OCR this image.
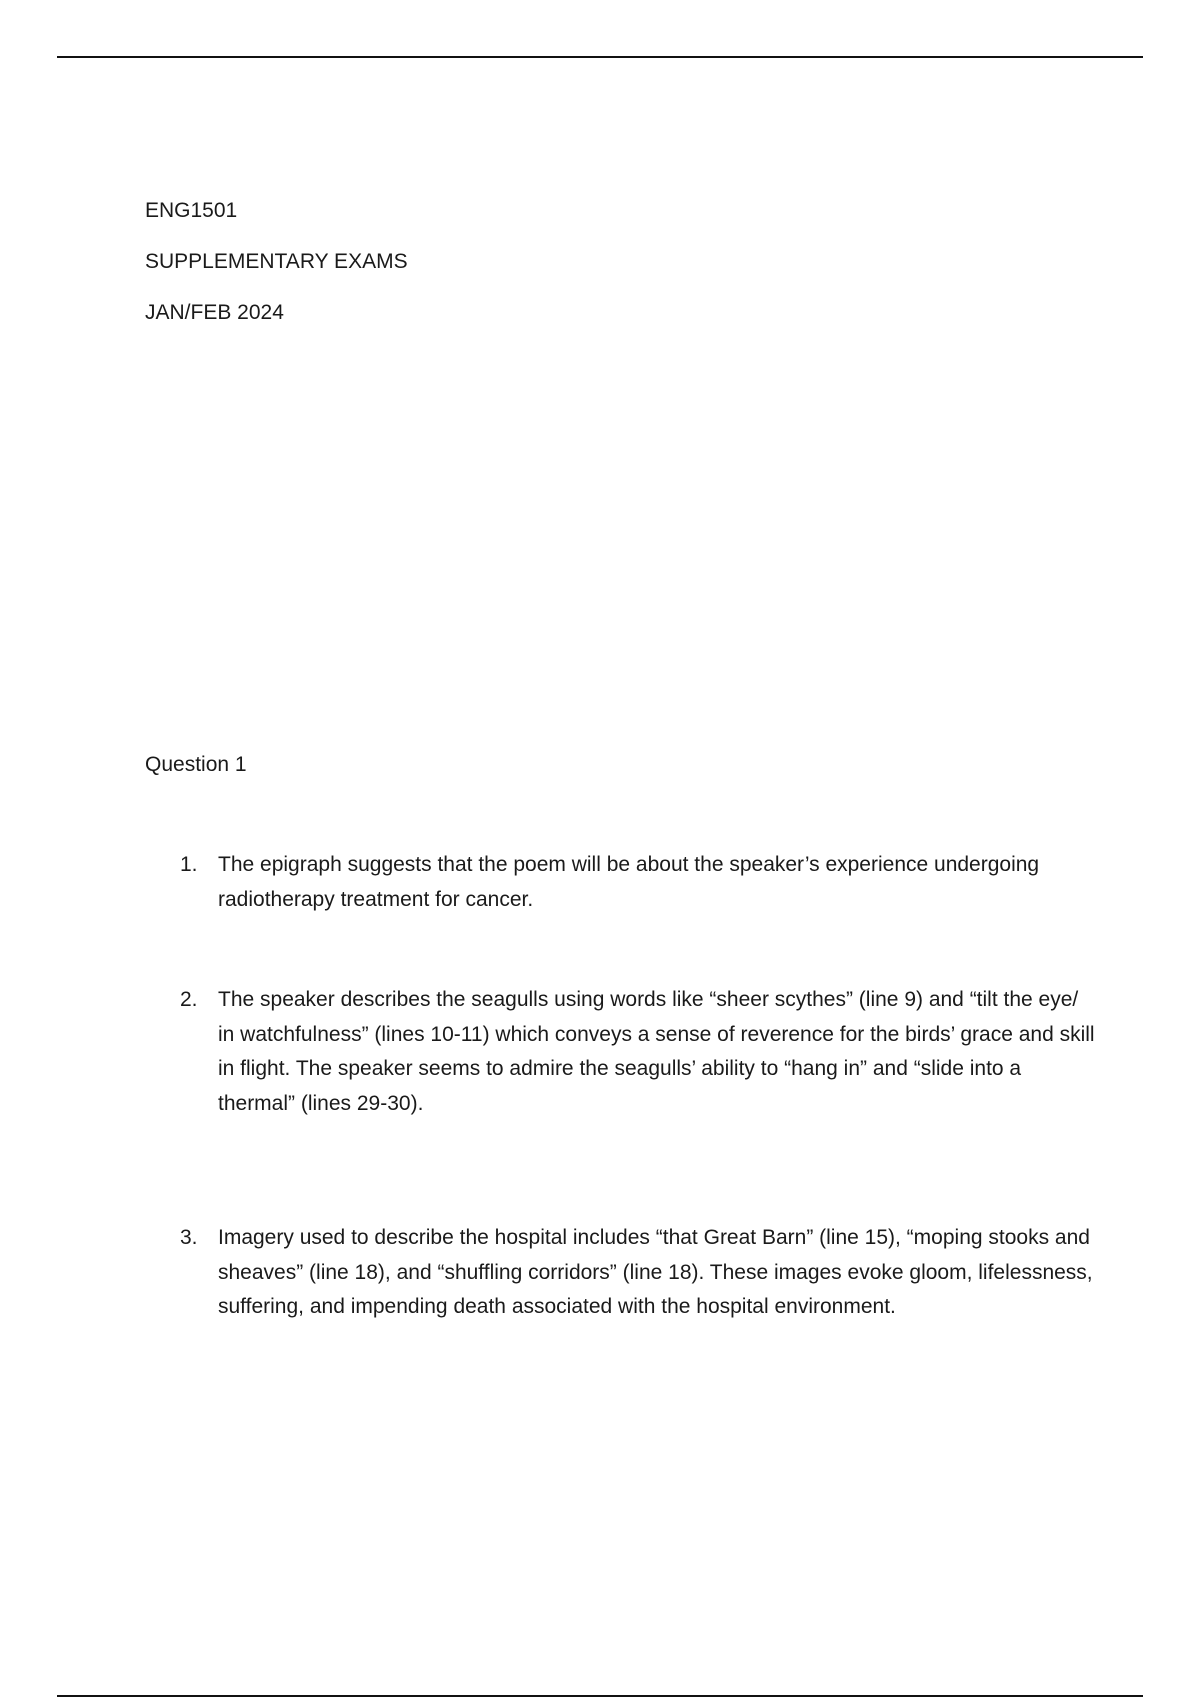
ENG1501
SUPPLEMENTARY EXAMS
JAN/FEB 2024
Question 1
1. The epigraph suggests that the poem will be about the speaker’s experience undergoing radiotherapy treatment for cancer.
2. The speaker describes the seagulls using words like “sheer scythes” (line 9) and “tilt the eye/ in watchfulness” (lines 10-11) which conveys a sense of reverence for the birds’ grace and skill in flight. The speaker seems to admire the seagulls’ ability to “hang in” and “slide into a thermal” (lines 29-30).
3. Imagery used to describe the hospital includes “that Great Barn” (line 15), “moping stooks and sheaves” (line 18), and “shuffling corridors” (line 18). These images evoke gloom, lifelessness, suffering, and impending death associated with the hospital environment.
